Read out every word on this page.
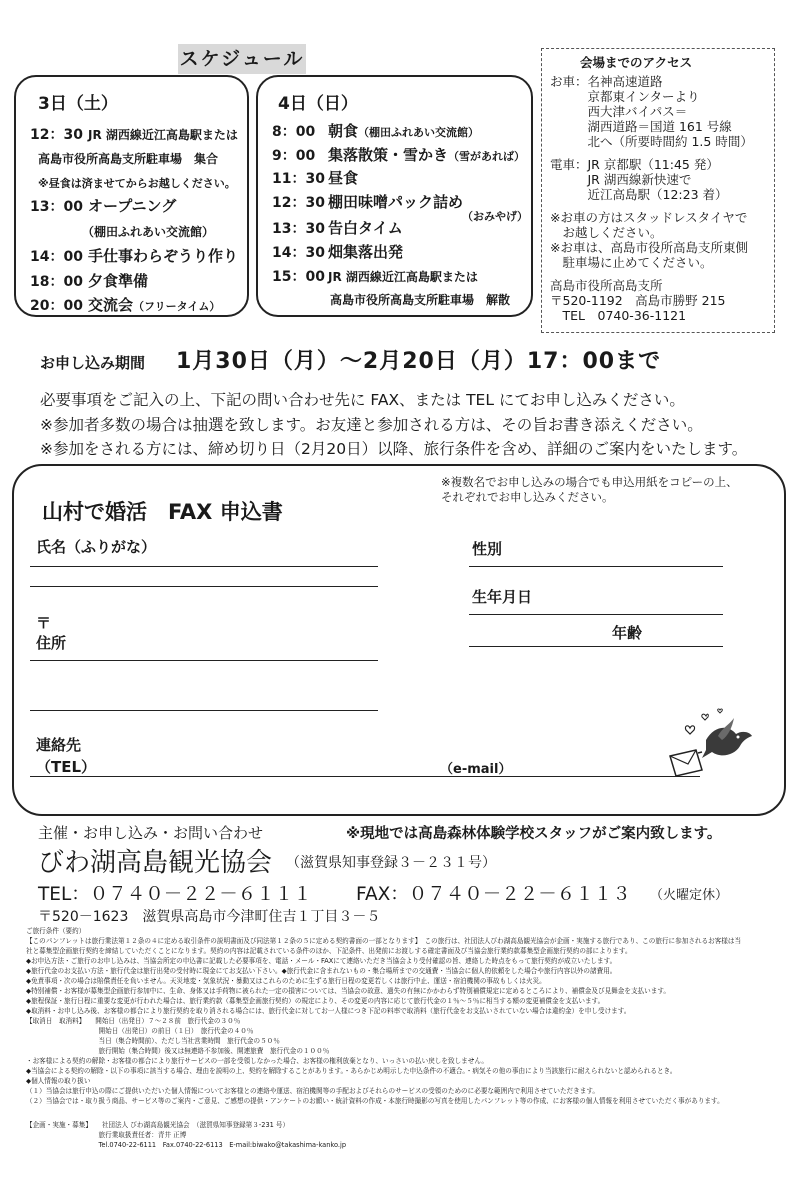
スケジュール
3日（土）
12：30 JR 湖西線近江高島駅または
高島市役所高島支所駐車場　集合
※昼食は済ませてからお越しください。
13：00 オープニング
（棚田ふれあい交流館）
14：00 手仕事わらぞうり作り
18：00 夕食準備
20：00 交流会（フリータイム）
4日（日）
8：00 朝食（棚田ふれあい交流館）
9：00 集落散策・雪かき（雪があれば）
11：30 昼食
12：30 棚田味噌パック詰め
（おみやげ）
13：30 告白タイム
14：30 畑集落出発
15：00 JR 湖西線近江高島駅または
高島市役所高島支所駐車場　解散
会場までのアクセス
お車：名神高速道路
　　　京都東インターより
　　　西大津バイパス＝
　　　湖西道路＝国道 161 号線
　　　北へ（所要時間約 1.5 時間）
電車：JR 京都駅（11:45 発）
　　　JR 湖西線新快速で
　　　近江高島駅（12:23 着）
※お車の方はスタッドレスタイヤで
　お越しください。
※お車は、高島市役所高島支所東側
　駐車場に止めてください。
高島市役所高島支所
〒520-1192　高島市勝野 215
　TEL　0740-36-1121
お申し込み期間 1月30日（月）～2月20日（月）17：00まで
必要事項をご記入の上、下記の問い合わせ先に FAX、または TEL にてお申し込みください。
※参加者多数の場合は抽選を致します。お友達と参加される方は、その旨お書き添えください。
※参加をされる方には、締め切り日（2月20日）以降、旅行条件を含め、詳細のご案内をいたします。
※複数名でお申し込みの場合でも申込用紙をコピーの上、
それぞれでお申し込みください。
山村で婚活　FAX 申込書
氏名（ふりがな）	性別
〒
住所
生年月日
年齢
連絡先
（TEL）	（e-mail）
主催・お申し込み・お問い合わせ	※現地では高島森林体験学校スタッフがご案内致します。
びわ湖高島観光協会 （滋賀県知事登録３－２３１号）
TEL：０７４０－２２－６１１１ FAX：０７４０－２２－６１１３ （火曜定休）
〒520－1623　滋賀県高島市今津町住吉１丁目３－５
ご旅行条件（要約）
【このパンフレットは旅行業法第１２条の４に定める取引条件の説明書面及び同法第１２条の５に定める契約書面の一部となります】　この旅行は、社団法人びわ湖高島観光協会が企画・実施する旅行であり、この旅行に参加されるお客様は当
社と募集型企画旅行契約を締結していただくことになります。契約の内容は記載されている条件のほか、下記条件、出発前にお渡しする確定書面及び当協会旅行業約款募集型企画旅行契約の部によります。
◆お申込方法・ご旅行のお申し込みは、当協会所定の申込書に記載した必要事項を、電話・メール・FAXにて連絡いただき当協会より受付確認の旨、連絡した時点をもって旅行契約が成立いたします。
◆旅行代金のお支払い方法・旅行代金は旅行出発の受付時に現金にてお支払い下さい。◆旅行代金に含まれないもの・集合場所までの交通費・当協会に個人的依頼をした場合や旅行内容以外の諸費用。
◆免責事項・次の場合は賠償責任を負いません。天災地変・気象状況・暴動又はこれらのために生ずる旅行日程の変更若しくは旅行中止、運送・宿泊機関の事故もしくは火災。
◆特別補償・お客様が募集型企画旅行参加中に、生命、身体又は手荷物に被られた一定の損害については、当協会の故意、過失の有無にかかわらず特別補償規定に定めるところにより、補償金及び見舞金を支払います。
◆旅程保証・旅行日程に重要な変更が行われた場合は、旅行業約款（募集型企画旅行契約）の規定により、その変更の内容に応じて旅行代金の１％～５％に相当する額の変更補償金を支払います。
◆取消料・お申し込み後、お客様の都合により旅行契約を取り消される場合には、旅行代金に対してお一人様につき下記の料率で取消料（旅行代金をお支払いされていない場合は違約金）を申し受けます。
【取消日　取消料】　　開始日（出発日）７～２８前　旅行代金の３０％
　　　　　　　　　　　開始日（出発日）の前日（１日）　旅行代金の４０％
　　　　　　　　　　　当日（集合時間前）、ただし当社営業時間　旅行代金の５０％
　　　　　　　　　　　旅行開始（集合時間）後又は無連絡不参加後、開連旅費　旅行代金の１００％
・お客様による契約の解除・お客様の都合により旅行サービスの一部を受領しなかった場合、お客様の権利放棄となり、いっさいの払い戻しを致しません。
◆当協会による契約の解除・以下の事項に該当する場合、理由を説明の上、契約を解除することがあります。・あらかじめ明示した申込条件の不適合。・病気その他の事由により当該旅行に耐えられないと認められるとき。
◆個人情報の取り扱い
（１）当協会は旅行申込の際にご提供いただいた個人情報についてお客様との連絡や運送、宿泊機関等の手配およびそれらのサービスの受領のためのに必要な範囲内で利用させていただきます。
（２）当協会では・取り扱う商品、サービス等のご案内・ご意見、ご感想の提供・アンケートのお願い・統計資料の作成・本旅行時撮影の写真を使用したパンフレット等の作成、にお客様の個人情報を利用させていただく事があります。
【企画・実施・募集】　　社団法人 びわ湖高島観光協会　（滋賀県知事登録第３-231 号）
　　　　　　　　　　　旅行業取扱責任者：青井 正博
　　　　　　　　　　　Tel.0740-22-6111　Fax.0740-22-6113　E-mail:biwako@takashima-kanko.jp
